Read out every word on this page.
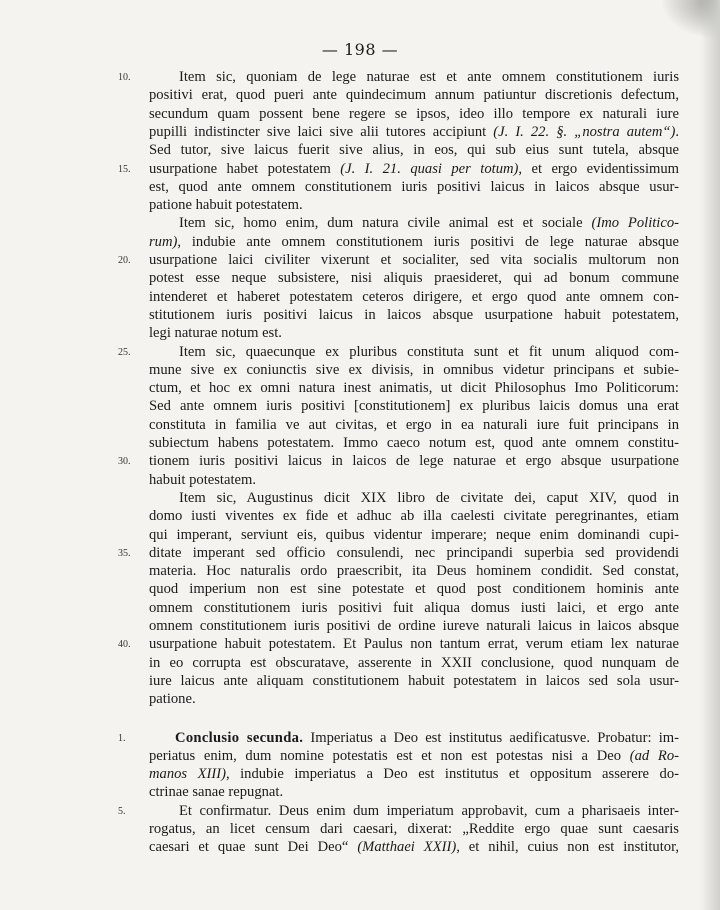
— 198 —
10.	Item sic, quoniam de lege naturae est et ante omnem constitutionem iuris
positivi erat, quod pueri ante quindecimum annum patiuntur discretionis defectum,
secundum quam possent bene regere se ipsos, ideo illo tempore ex naturali iure
pupilli indistincter sive laici sive alii tutores accipiunt (J. I. 22. §. „nostra autem“).
Sed tutor, sive laicus fuerit sive alius, in eos, qui sub eius sunt tutela, absque
15. usurpatione habet potestatem (J. I. 21. quasi per totum), et ergo evidentissimum
est, quod ante omnem constitutionem iuris positivi laicus in laicos absque usur-
patione habuit potestatem.
Item sic, homo enim, dum natura civile animal est et sociale (Imo Politico-
rum), indubie ante omnem constitutionem iuris positivi de lege naturae absque
20. usurpatione laici civiliter vixerunt et socialiter, sed vita socialis multorum non
potest esse neque subsistere, nisi aliquis praesideret, qui ad bonum commune
intenderet et haberet potestatem ceteros dirigere, et ergo quod ante omnem con-
stitutionem iuris positivi laicus in laicos absque usurpatione habuit potestatem,
legi naturae notum est.
25.	Item sic, quaecunque ex pluribus constituta sunt et fit unum aliquod com-
mune sive ex coniunctis sive ex divisis, in omnibus videtur principans et subie-
ctum, et hoc ex omni natura inest animatis, ut dicit Philosophus Imo Politicorum:
Sed ante omnem iuris positivi [constitutionem] ex pluribus laicis domus una erat
constituta in familia ve aut civitas, et ergo in ea naturali iure fuit principans in
subiectum habens potestatem. Immo caeco notum est, quod ante omnem constitu-
30. tionem iuris positivi laicus in laicos de lege naturae et ergo absque usurpatione
habuit potestatem.
Item sic, Augustinus dicit XIX libro de civitate dei, caput XIV, quod in
domo iusti viventes ex fide et adhuc ab illa caelesti civitate peregrinantes, etiam
qui imperant, serviunt eis, quibus videntur imperare; neque enim dominandi cupi-
35. ditate imperant sed officio consulendi, nec principandi superbia sed providendi
materia. Hoc naturalis ordo praescribit, ita Deus hominem condidit. Sed constat,
quod imperium non est sine potestate et quod post conditionem hominis ante
omnem constitutionem iuris positivi fuit aliqua domus iusti laici, et ergo ante
omnem constitutionem iuris positivi de ordine iureve naturali laicus in laicos absque
40. usurpatione habuit potestatem. Et Paulus non tantum errat, verum etiam lex naturae
in eo corrupta est obscuratave, asserente in XXII conclusione, quod nunquam de
iure laicus ante aliquam constitutionem habuit potestatem in laicos sed sola usur-
patione.
1.	Conclusio secunda. Imperiatus a Deo est institutus aedificatusve. Probatur: im-
periatus enim, dum nomine potestatis est et non est potestas nisi a Deo (ad Ro-
manos XIII), indubie imperiatus a Deo est institutus et oppositum asserere do-
ctrinae sanae repugnat.
5.	Et confirmatur. Deus enim dum imperiatum approbavit, cum a pharisaeis inter-
rogatus, an licet censum dari caesari, dixerat: „Reddite ergo quae sunt caesaris
caesari et quae sunt Dei Deo“ (Matthaei XXII), et nihil, cuius non est institutor,
